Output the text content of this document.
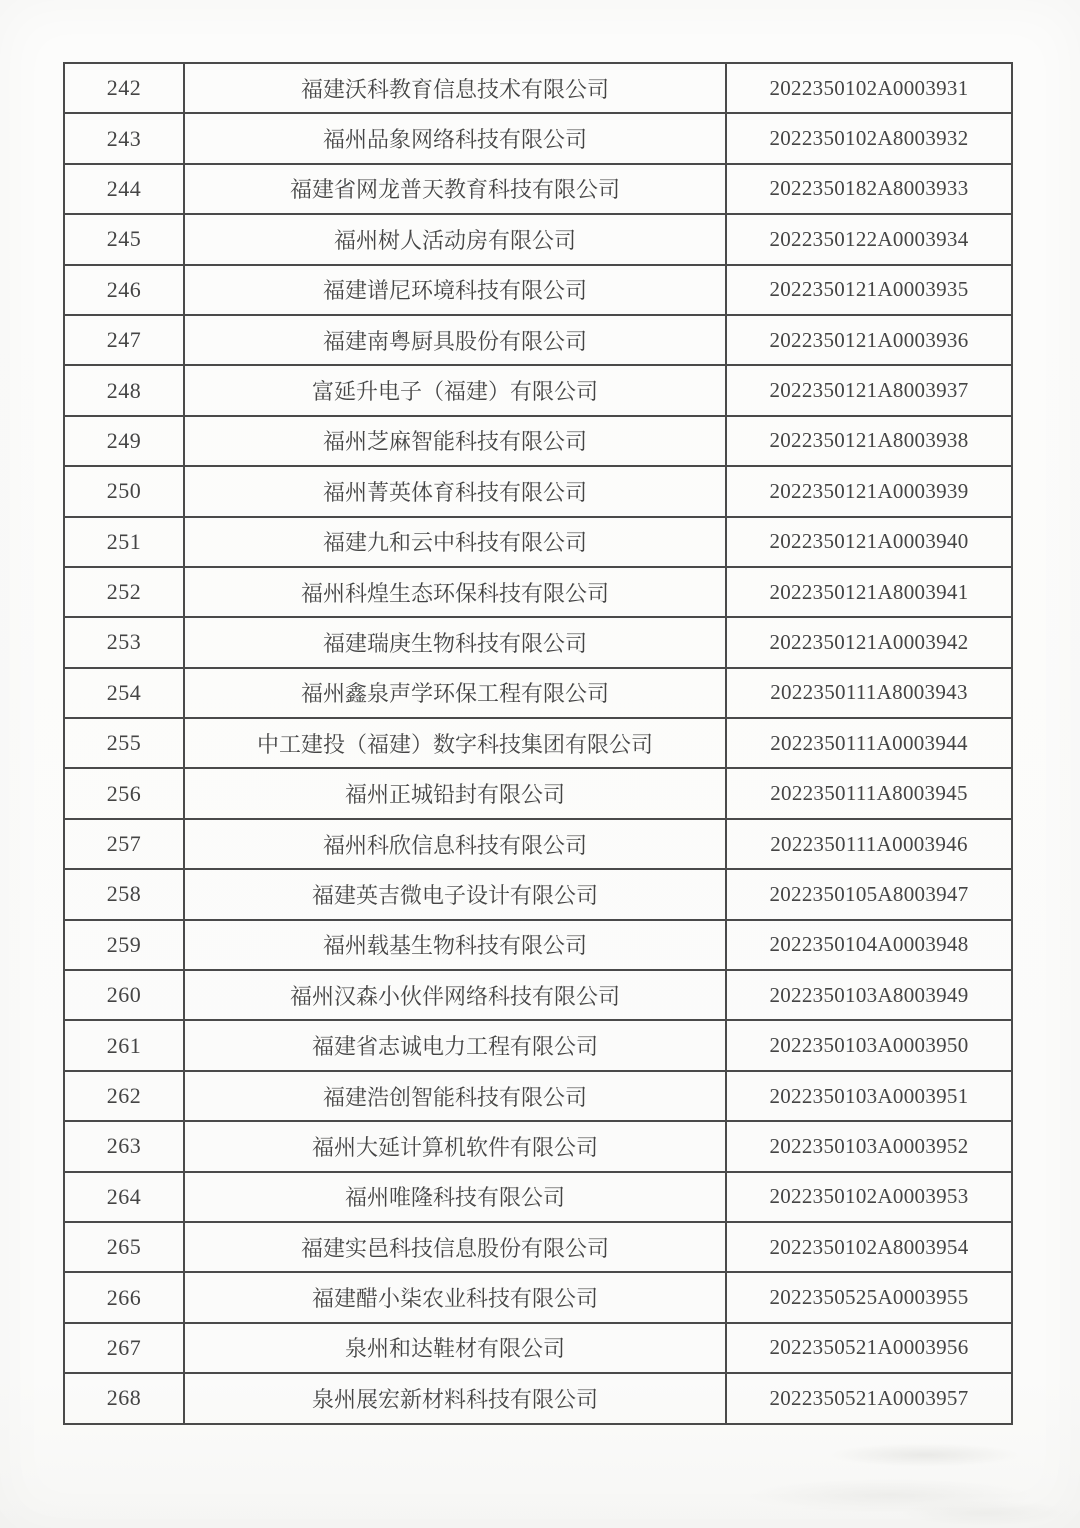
242	福建沃科教育信息技术有限公司	2022350102A0003931
243	福州品象网络科技有限公司	2022350102A8003932
244	福建省网龙普天教育科技有限公司	2022350182A8003933
245	福州树人活动房有限公司	2022350122A0003934
246	福建谱尼环境科技有限公司	2022350121A0003935
247	福建南粤厨具股份有限公司	2022350121A0003936
248	富延升电子（福建）有限公司	2022350121A8003937
249	福州芝麻智能科技有限公司	2022350121A8003938
250	福州菁英体育科技有限公司	2022350121A0003939
251	福建九和云中科技有限公司	2022350121A0003940
252	福州科煌生态环保科技有限公司	2022350121A8003941
253	福建瑞庚生物科技有限公司	2022350121A0003942
254	福州鑫泉声学环保工程有限公司	2022350111A8003943
255	中工建投（福建）数字科技集团有限公司	2022350111A0003944
256	福州正城铅封有限公司	2022350111A8003945
257	福州科欣信息科技有限公司	2022350111A0003946
258	福建英吉微电子设计有限公司	2022350105A8003947
259	福州载基生物科技有限公司	2022350104A0003948
260	福州汉森小伙伴网络科技有限公司	2022350103A8003949
261	福建省志诚电力工程有限公司	2022350103A0003950
262	福建浩创智能科技有限公司	2022350103A0003951
263	福州大延计算机软件有限公司	2022350103A0003952
264	福州唯隆科技有限公司	2022350102A0003953
265	福建实邑科技信息股份有限公司	2022350102A8003954
266	福建醋小柒农业科技有限公司	2022350525A0003955
267	泉州和达鞋材有限公司	2022350521A0003956
268	泉州展宏新材料科技有限公司	2022350521A0003957
